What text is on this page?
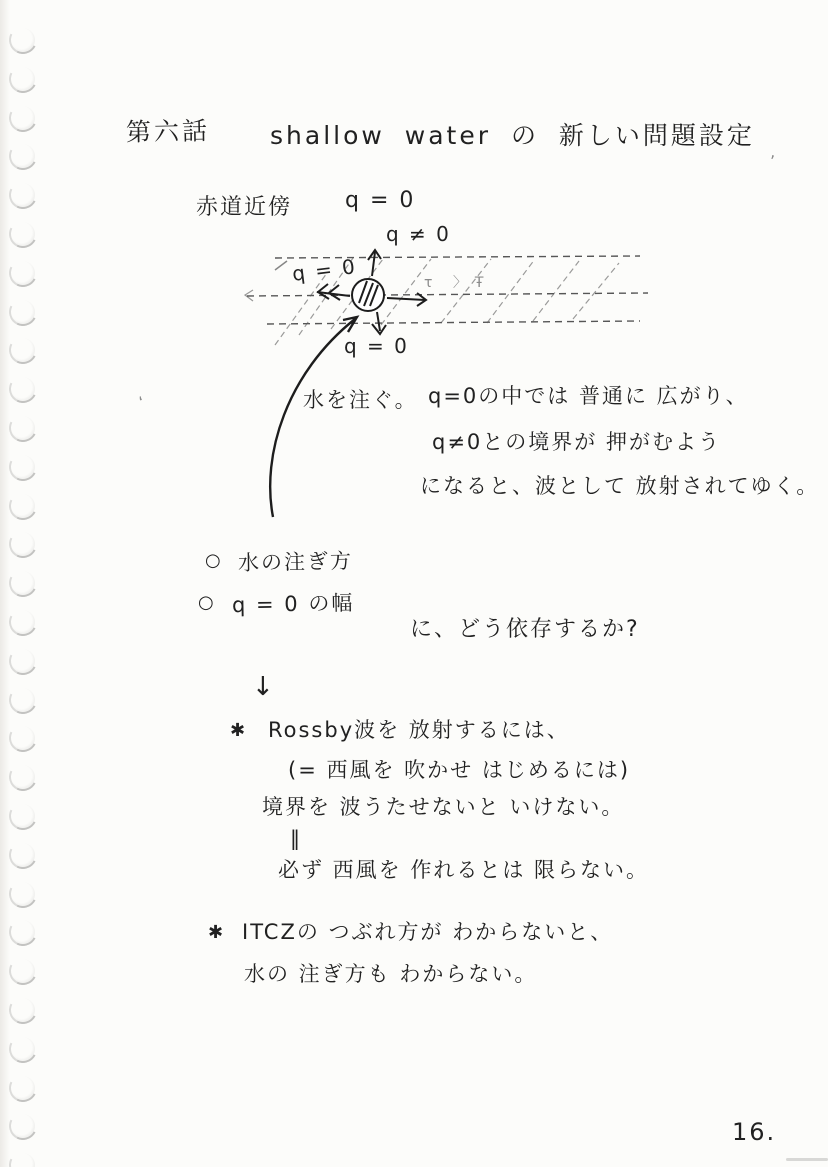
第六話 shallow water の 新しい問題設定
ʼ
赤道近傍 q = 0
q ≠ 0
q = 0
q = 0
τ 〉Ŧ
ʻ	水を注ぐ。 q=0の中では 普通に 広がり、
q≠0との境界が 押がむよう
になると、波として 放射されてゆく。
○ 水の注ぎ方
○ q = 0 の幅
に、どう依存するか?
↓
✱ Rossby波を 放射するには、
(= 西風を 吹かせ はじめるには)
境界を 波うたせないと いけない。
‖
必ず 西風を 作れるとは 限らない。
✱ ITCZの つぶれ方が わからないと、
水の 注ぎ方も わからない。
16.
